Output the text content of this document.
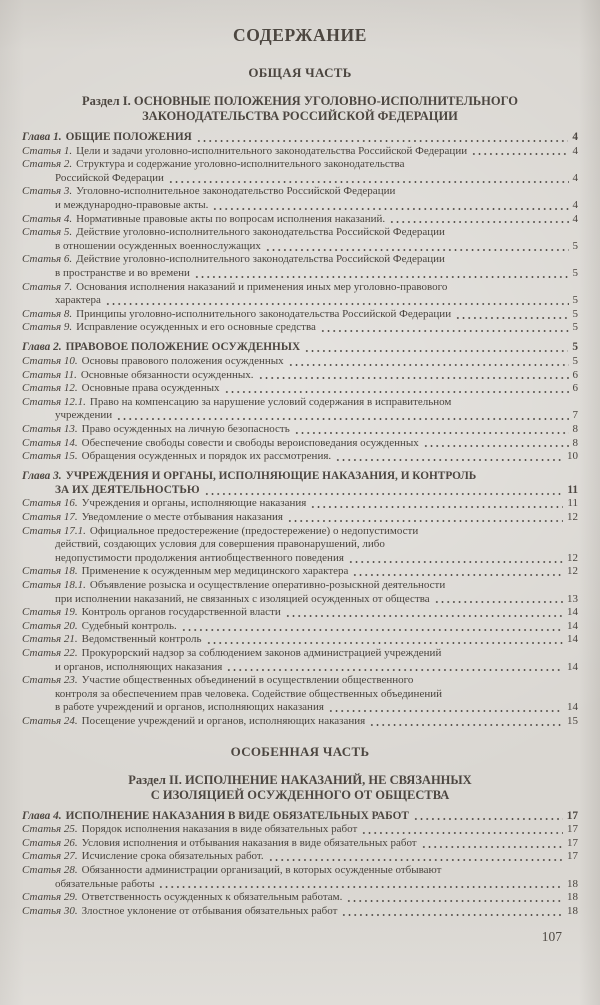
СОДЕРЖАНИЕ
ОБЩАЯ ЧАСТЬ
Раздел I. ОСНОВНЫЕ ПОЛОЖЕНИЯ УГОЛОВНО-ИСПОЛНИТЕЛЬНОГО
ЗАКОНОДАТЕЛЬСТВА РОССИЙСКОЙ ФЕДЕРАЦИИ
Глава 1. ОБЩИЕ ПОЛОЖЕНИЯ	4
Статья 1. Цели и задачи уголовно-исполнительного законодательства Российской Федерации	4
Статья 2. Структура и содержание уголовно-исполнительного законодательства
Российской Федерации	4
Статья 3. Уголовно-исполнительное законодательство Российской Федерации
и международно-правовые акты.	4
Статья 4. Нормативные правовые акты по вопросам исполнения наказаний.	4
Статья 5. Действие уголовно-исполнительного законодательства Российской Федерации
в отношении осужденных военнослужащих	5
Статья 6. Действие уголовно-исполнительного законодательства Российской Федерации
в пространстве и во времени	5
Статья 7. Основания исполнения наказаний и применения иных мер уголовно-правового
характера	5
Статья 8. Принципы уголовно-исполнительного законодательства Российской Федерации	5
Статья 9. Исправление осужденных и его основные средства	5
Глава 2. ПРАВОВОЕ ПОЛОЖЕНИЕ ОСУЖДЕННЫХ	5
Статья 10. Основы правового положения осужденных	5
Статья 11. Основные обязанности осужденных.	6
Статья 12. Основные права осужденных	6
Статья 12.1. Право на компенсацию за нарушение условий содержания в исправительном
учреждении	7
Статья 13. Право осужденных на личную безопасность	8
Статья 14. Обеспечение свободы совести и свободы вероисповедания осужденных	8
Статья 15. Обращения осужденных и порядок их рассмотрения.	10
Глава 3. УЧРЕЖДЕНИЯ И ОРГАНЫ, ИСПОЛНЯЮЩИЕ НАКАЗАНИЯ, И КОНТРОЛЬ
ЗА ИХ ДЕЯТЕЛЬНОСТЬЮ	11
Статья 16. Учреждения и органы, исполняющие наказания	11
Статья 17. Уведомление о месте отбывания наказания	12
Статья 17.1. Официальное предостережение (предостережение) о недопустимости
действий, создающих условия для совершения правонарушений, либо
недопустимости продолжения антиобщественного поведения	12
Статья 18. Применение к осужденным мер медицинского характера	12
Статья 18.1. Объявление розыска и осуществление оперативно-розыскной деятельности
при исполнении наказаний, не связанных с изоляцией осужденных от общества	13
Статья 19. Контроль органов государственной власти	14
Статья 20. Судебный контроль.	14
Статья 21. Ведомственный контроль	14
Статья 22. Прокурорский надзор за соблюдением законов администрацией учреждений
и органов, исполняющих наказания	14
Статья 23. Участие общественных объединений в осуществлении общественного
контроля за обеспечением прав человека. Содействие общественных объединений
в работе учреждений и органов, исполняющих наказания	14
Статья 24. Посещение учреждений и органов, исполняющих наказания	15
ОСОБЕННАЯ ЧАСТЬ
Раздел II. ИСПОЛНЕНИЕ НАКАЗАНИЙ, НЕ СВЯЗАННЫХ
С ИЗОЛЯЦИЕЙ ОСУЖДЕННОГО ОТ ОБЩЕСТВА
Глава 4. ИСПОЛНЕНИЕ НАКАЗАНИЯ В ВИДЕ ОБЯЗАТЕЛЬНЫХ РАБОТ	17
Статья 25. Порядок исполнения наказания в виде обязательных работ	17
Статья 26. Условия исполнения и отбывания наказания в виде обязательных работ	17
Статья 27. Исчисление срока обязательных работ.	17
Статья 28. Обязанности администрации организаций, в которых осужденные отбывают
обязательные работы	18
Статья 29. Ответственность осужденных к обязательным работам.	18
Статья 30. Злостное уклонение от отбывания обязательных работ	18
107
